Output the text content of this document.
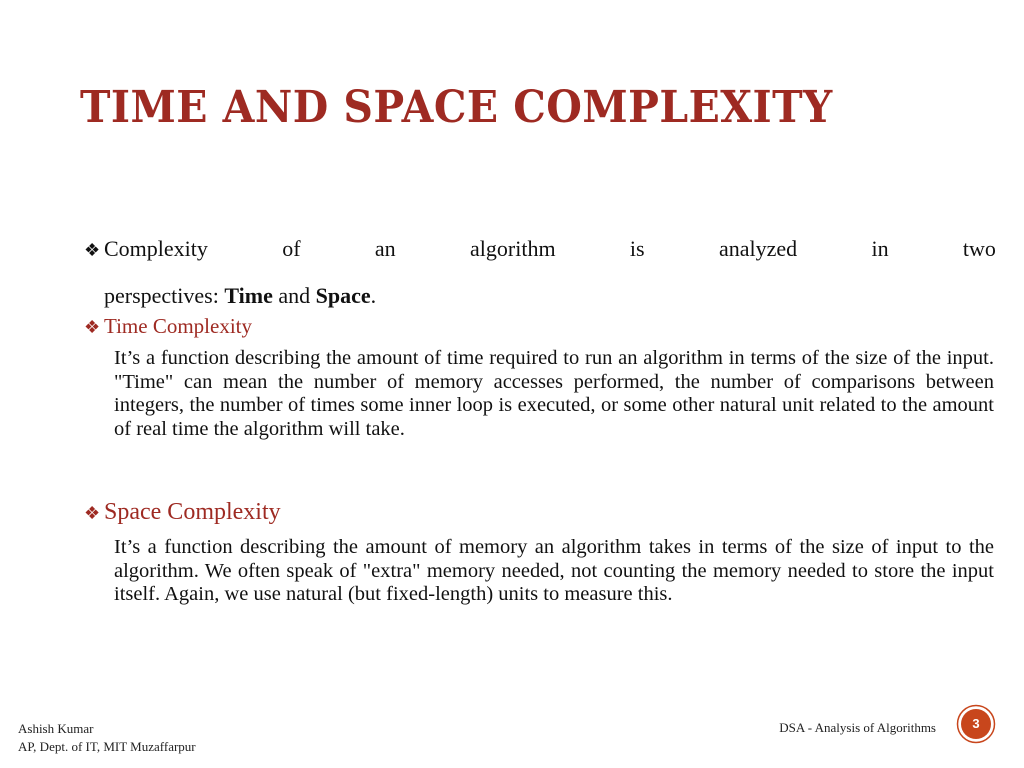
TIME AND SPACE COMPLEXITY
❖ Complexity	of	an	algorithm	is	analyzed	in	two
perspectives: Time and Space.
❖ Time Complexity

It’s a function describing the amount of time required to run an algorithm in terms of the size of the input. "Time" can mean the number of memory accesses performed, the number of comparisons between integers, the number of times some inner loop is executed, or some other natural unit related to the amount of real time the algorithm will take.

❖ Space Complexity

It’s a function describing the amount of memory an algorithm takes in terms of the size of input to the algorithm. We often speak of "extra" memory needed, not counting the memory needed to store the input itself. Again, we use natural (but fixed-length) units to measure this.

Ashish Kumar
AP, Dept. of IT, MIT Muzaffarpur
DSA - Analysis of Algorithms	3
